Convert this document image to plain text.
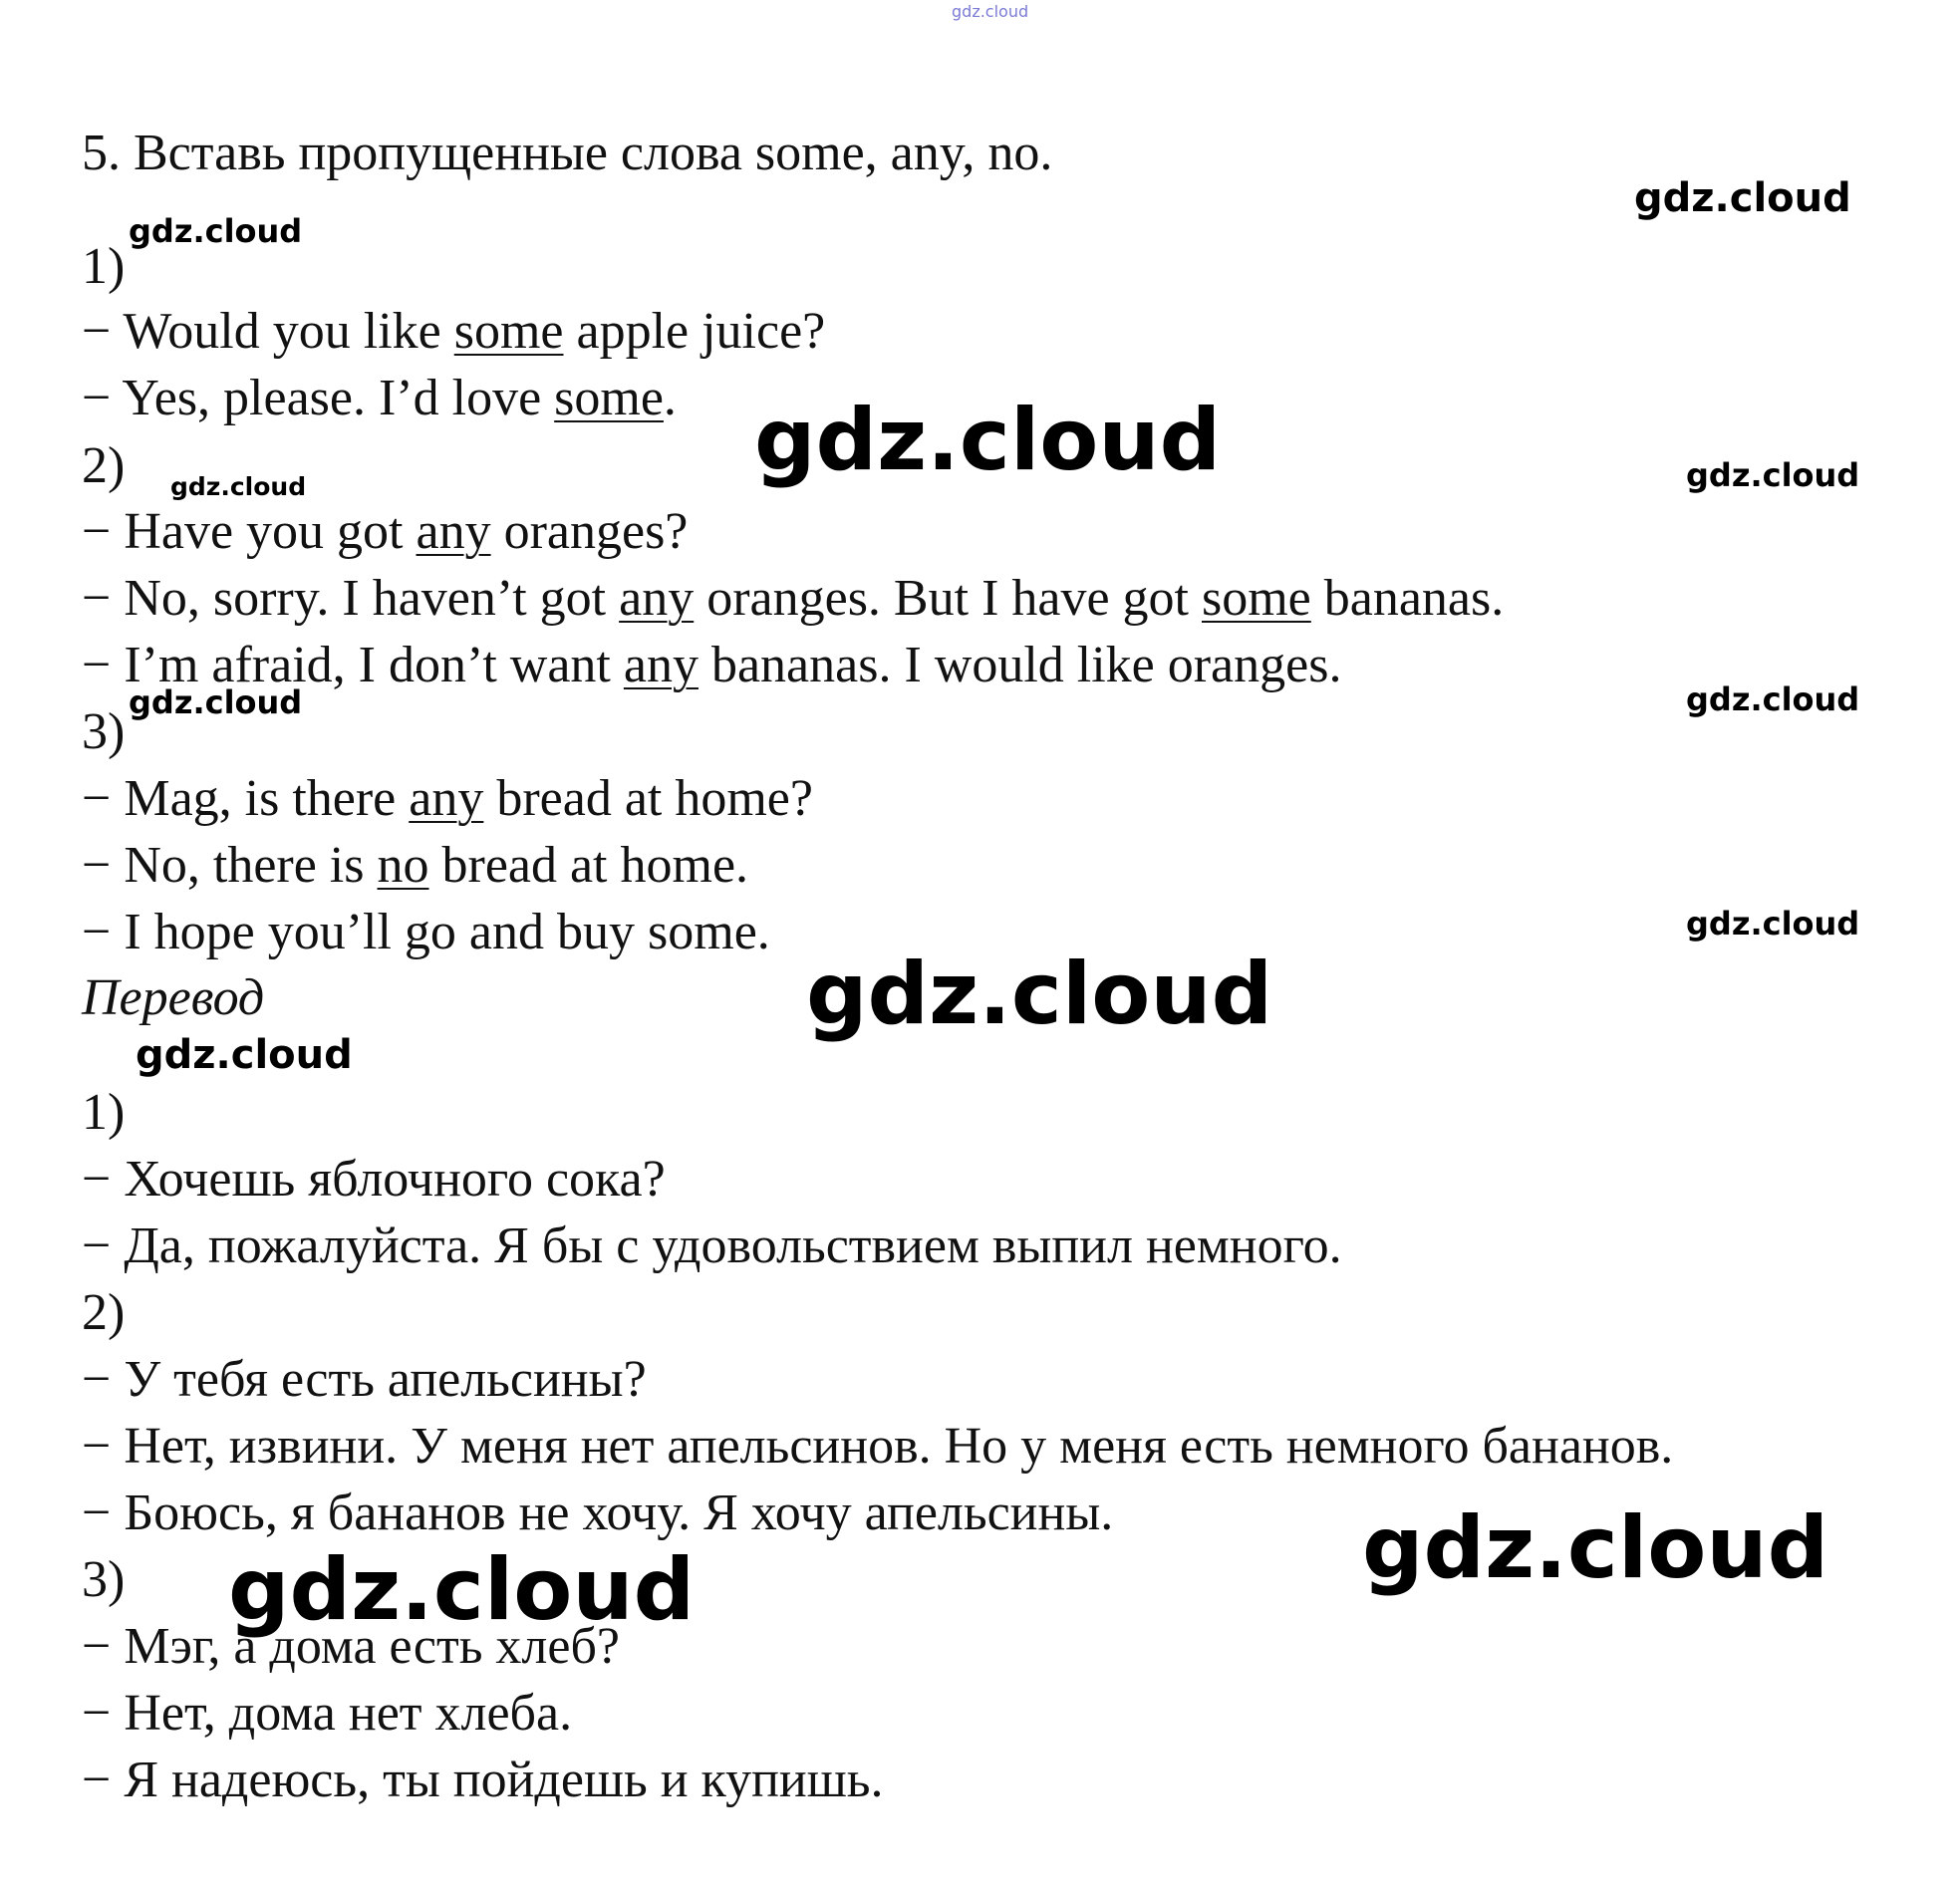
gdz.cloud
5. Вставь пропущенные слова some, any, no.
1)
− Would you like some apple juice?
− Yes, please. I’d love some.
2)
− Have you got any oranges?
− No, sorry. I haven’t got any oranges. But I have got some bananas.
− I’m afraid, I don’t want any bananas. I would like oranges.
3)
− Mag, is there any bread at home?
− No, there is no bread at home.
− I hope you’ll go and buy some.
Перевод
1)
− Хочешь яблочного сока?
− Да, пожалуйста. Я бы с удовольствием выпил немного.
2)
− У тебя есть апельсины?
− Нет, извини. У меня нет апельсинов. Но у меня есть немного бананов.
− Боюсь, я бананов не хочу. Я хочу апельсины.
3)
− Мэг, а дома есть хлеб?
− Нет, дома нет хлеба.
− Я надеюсь, ты пойдешь и купишь.
gdz.cloud
gdz.cloud
gdz.cloud
gdz.cloud	gdz.cloud
gdz.cloud	gdz.cloud
gdz.cloud
gdz.cloud
gdz.cloud
gdz.cloud
gdz.cloud
